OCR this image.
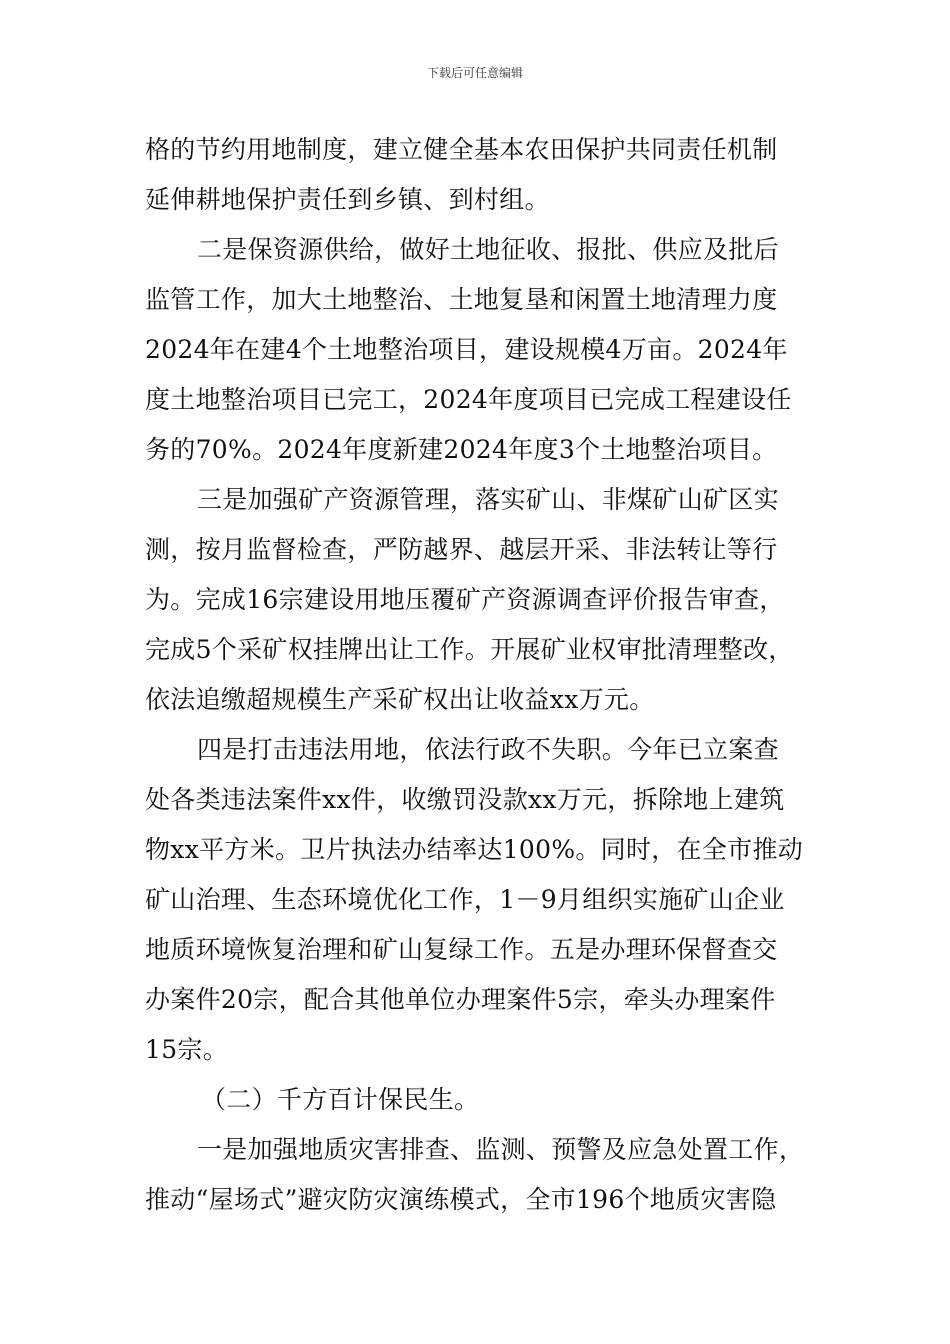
下载后可任意编辑
格的节约用地制度，建立健全基本农田保护共同责任机制
延伸耕地保护责任到乡镇、到村组。
二是保资源供给，做好土地征收、报批、供应及批后
监管工作，加大土地整治、土地复垦和闲置土地清理力度
2024年在建4个土地整治项目，建设规模4万亩。2024年
度土地整治项目已完工，2024年度项目已完成工程建设任
务的70%。2024年度新建2024年度3个土地整治项目。
三是加强矿产资源管理，落实矿山、非煤矿山矿区实
测，按月监督检查，严防越界、越层开采、非法转让等行
为。完成16宗建设用地压覆矿产资源调查评价报告审查，
完成5个采矿权挂牌出让工作。开展矿业权审批清理整改，
依法追缴超规模生产采矿权出让收益xx万元。
四是打击违法用地，依法行政不失职。今年已立案查
处各类违法案件xx件，收缴罚没款xx万元，拆除地上建筑
物xx平方米。卫片执法办结率达100%。同时，在全市推动
矿山治理、生态环境优化工作，1－9月组织实施矿山企业
地质环境恢复治理和矿山复绿工作。五是办理环保督查交
办案件20宗，配合其他单位办理案件5宗，牵头办理案件
15宗。
（二）千方百计保民生。
一是加强地质灾害排查、监测、预警及应急处置工作，
推动“屋场式”避灾防灾演练模式，全市196个地质灾害隐
